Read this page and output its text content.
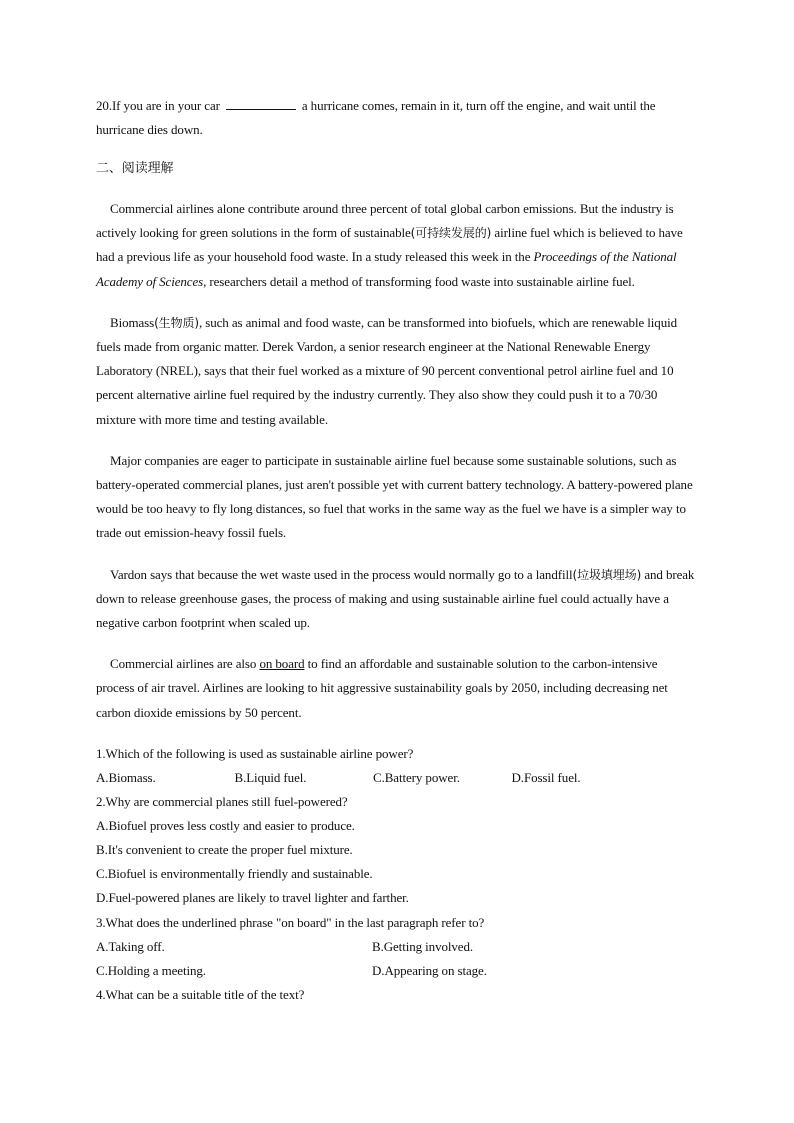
20.If you are in your car	a hurricane comes, remain in it, turn off the engine, and wait until the hurricane dies down.

二、阅读理解

Commercial airlines alone contribute around three percent of total global carbon emissions. But the industry is actively looking for green solutions in the form of sustainable(可持续发展的) airline fuel which is believed to have had a previous life as your household food waste. In a study released this week in the Proceedings of the National Academy of Sciences, researchers detail a method of transforming food waste into sustainable airline fuel.

Biomass(生物质), such as animal and food waste, can be transformed into biofuels, which are renewable liquid fuels made from organic matter. Derek Vardon, a senior research engineer at the National Renewable Energy Laboratory (NREL), says that their fuel worked as a mixture of 90 percent conventional petrol airline fuel and 10 percent alternative airline fuel required by the industry currently. They also show they could push it to a 70/30 mixture with more time and testing available.

Major companies are eager to participate in sustainable airline fuel because some sustainable solutions, such as battery-operated commercial planes, just aren't possible yet with current battery technology. A battery-powered plane would be too heavy to fly long distances, so fuel that works in the same way as the fuel we have is a simpler way to trade out emission-heavy fossil fuels.

Vardon says that because the wet waste used in the process would normally go to a landfill(垃圾填埋场) and break down to release greenhouse gases, the process of making and using sustainable airline fuel could actually have a negative carbon footprint when scaled up.

Commercial airlines are also on board to find an affordable and sustainable solution to the carbon-intensive process of air travel. Airlines are looking to hit aggressive sustainability goals by 2050, including decreasing net carbon dioxide emissions by 50 percent.

1.Which of the following is used as sustainable airline power?

A.Biomass.	B.Liquid fuel.	C.Battery power.	D.Fossil fuel.

2.Why are commercial planes still fuel-powered?

A.Biofuel proves less costly and easier to produce.

B.It's convenient to create the proper fuel mixture.

C.Biofuel is environmentally friendly and sustainable.

D.Fuel-powered planes are likely to travel lighter and farther.

3.What does the underlined phrase "on board" in the last paragraph refer to?

A.Taking off.	B.Getting involved.
C.Holding a meeting.	D.Appearing on stage.

4.What can be a suitable title of the text?
